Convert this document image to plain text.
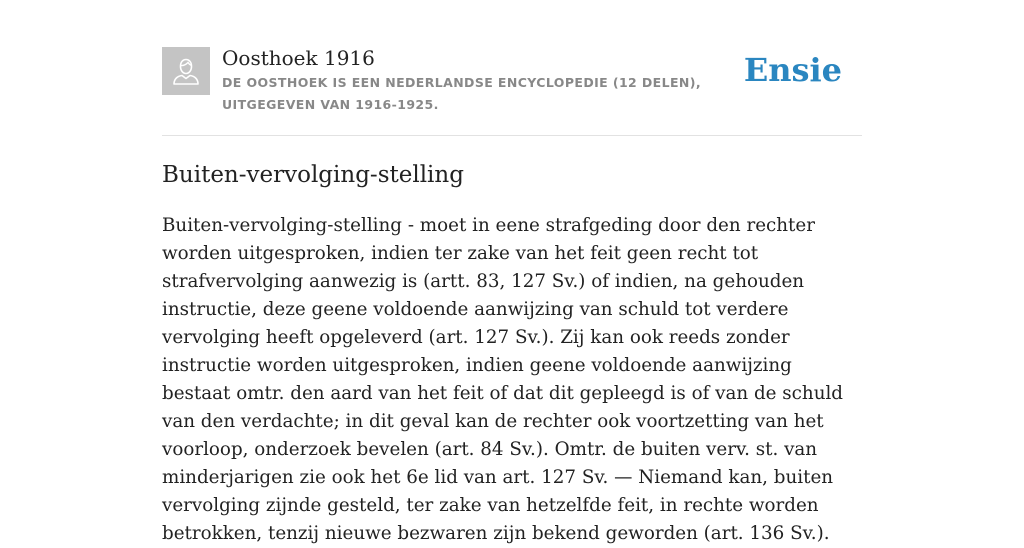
Oosthoek 1916
DE OOSTHOEK IS EEN NEDERLANDSE ENCYCLOPEDIE (12 DELEN), UITGEGEVEN VAN 1916-1925.
Ensie
Buiten-vervolging-stelling

Buiten-vervolging-stelling - moet in eene strafgeding door den rechter worden uitgesproken, indien ter zake van het feit geen recht tot strafvervolging aanwezig is (artt. 83, 127 Sv.) of indien, na gehouden instructie, deze geene voldoende aanwijzing van schuld tot verdere vervolging heeft opgeleverd (art. 127 Sv.). Zij kan ook reeds zonder instructie worden uitgesproken, indien geene voldoende aanwijzing bestaat omtr. den aard van het feit of dat dit gepleegd is of van de schuld van den verdachte; in dit geval kan de rechter ook voortzetting van het voorloop, onderzoek bevelen (art. 84 Sv.). Omtr. de buiten verv. st. van minderjarigen zie ook het 6e lid van art. 127 Sv. — Niemand kan, buiten vervolging zijnde gesteld, ter zake van hetzelfde feit, in rechte worden betrokken, tenzij nieuwe bezwaren zijn bekend geworden (art. 136 Sv.).
